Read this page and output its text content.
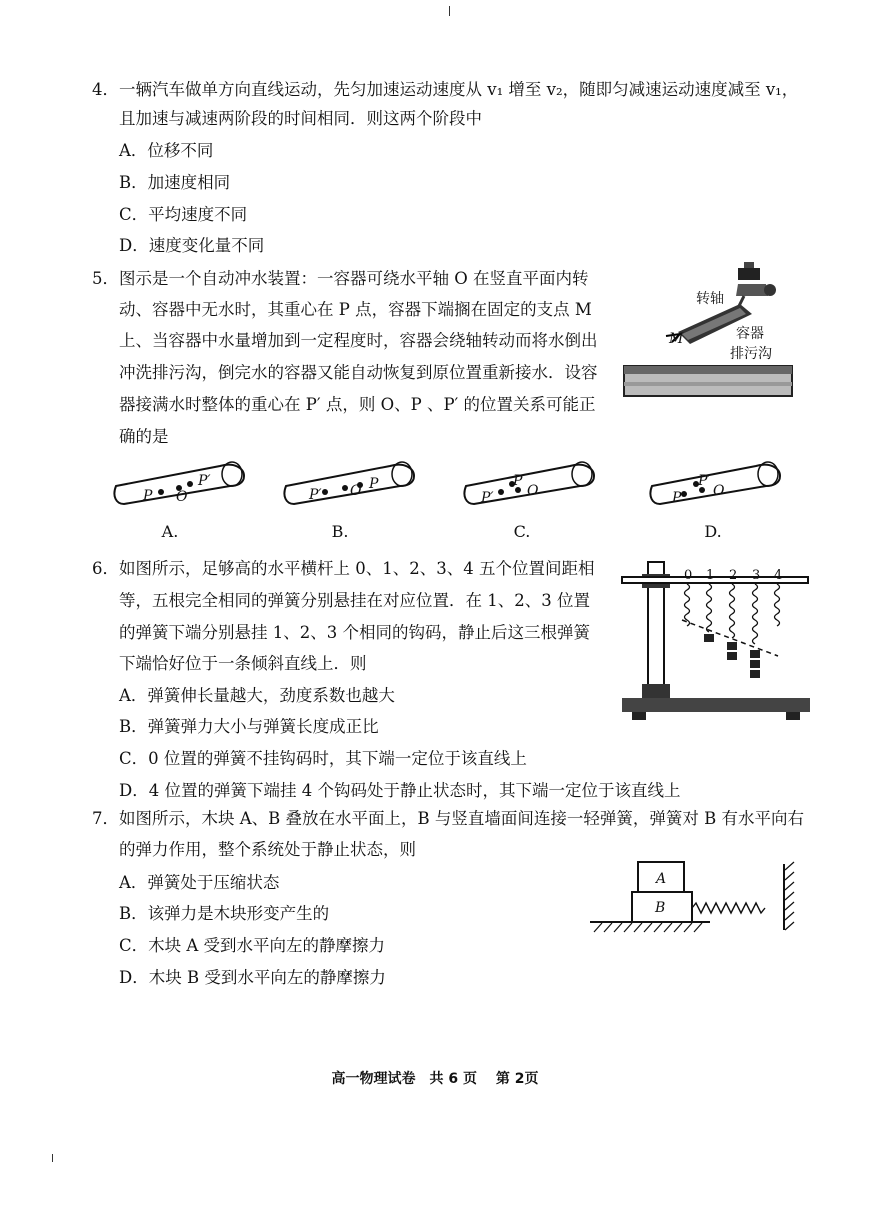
4． 一辆汽车做单方向直线运动，先匀加速运动速度从 v₁ 增至 v₂，随即匀减速运动速度减至 v₁，
且加速与减速两阶段的时间相同．则这两个阶段中
A．位移不同
B．加速度相同
C．平均速度不同
D．速度变化量不同
5． 图示是一个自动冲水装置：一容器可绕水平轴 O 在竖直平面内转
动、容器中无水时，其重心在 P 点，容器下端搁在固定的支点 M
上、当容器中水量增加到一定程度时，容器会绕轴转动而将水倒出
冲洗排污沟，倒完水的容器又能自动恢复到原位置重新接水．设容
器接满水时整体的重心在 P′ 点，则 O、P 、P′ 的位置关系可能正
确的是
转轴
容器
排污沟
M
P O
P′
P′ O P
P′
P
O	P
P′
O
A.	B.	C.	D.
6． 如图所示，足够高的水平横杆上 0、1、2、3、4 五个位置间距相
等，五根完全相同的弹簧分别悬挂在对应位置．在 1、2、3 位置
的弹簧下端分别悬挂 1、2、3 个相同的钩码，静止后这三根弹簧
下端恰好位于一条倾斜直线上．则
A．弹簧伸长量越大，劲度系数也越大
B．弹簧弹力大小与弹簧长度成正比
C．0 位置的弹簧不挂钩码时，其下端一定位于该直线上
D．4 位置的弹簧下端挂 4 个钩码处于静止状态时，其下端一定位于该直线上
0 1 2 3 4
7． 如图所示，木块 A、B 叠放在水平面上，B 与竖直墙面间连接一轻弹簧，弹簧对 B 有水平向右
的弹力作用，整个系统处于静止状态，则
A．弹簧处于压缩状态
B．该弹力是木块形变产生的
C．木块 A 受到水平向左的静摩擦力
D．木块 B 受到水平向左的静摩擦力
A
B
高一物理试卷　共 6 页　 第 2页
